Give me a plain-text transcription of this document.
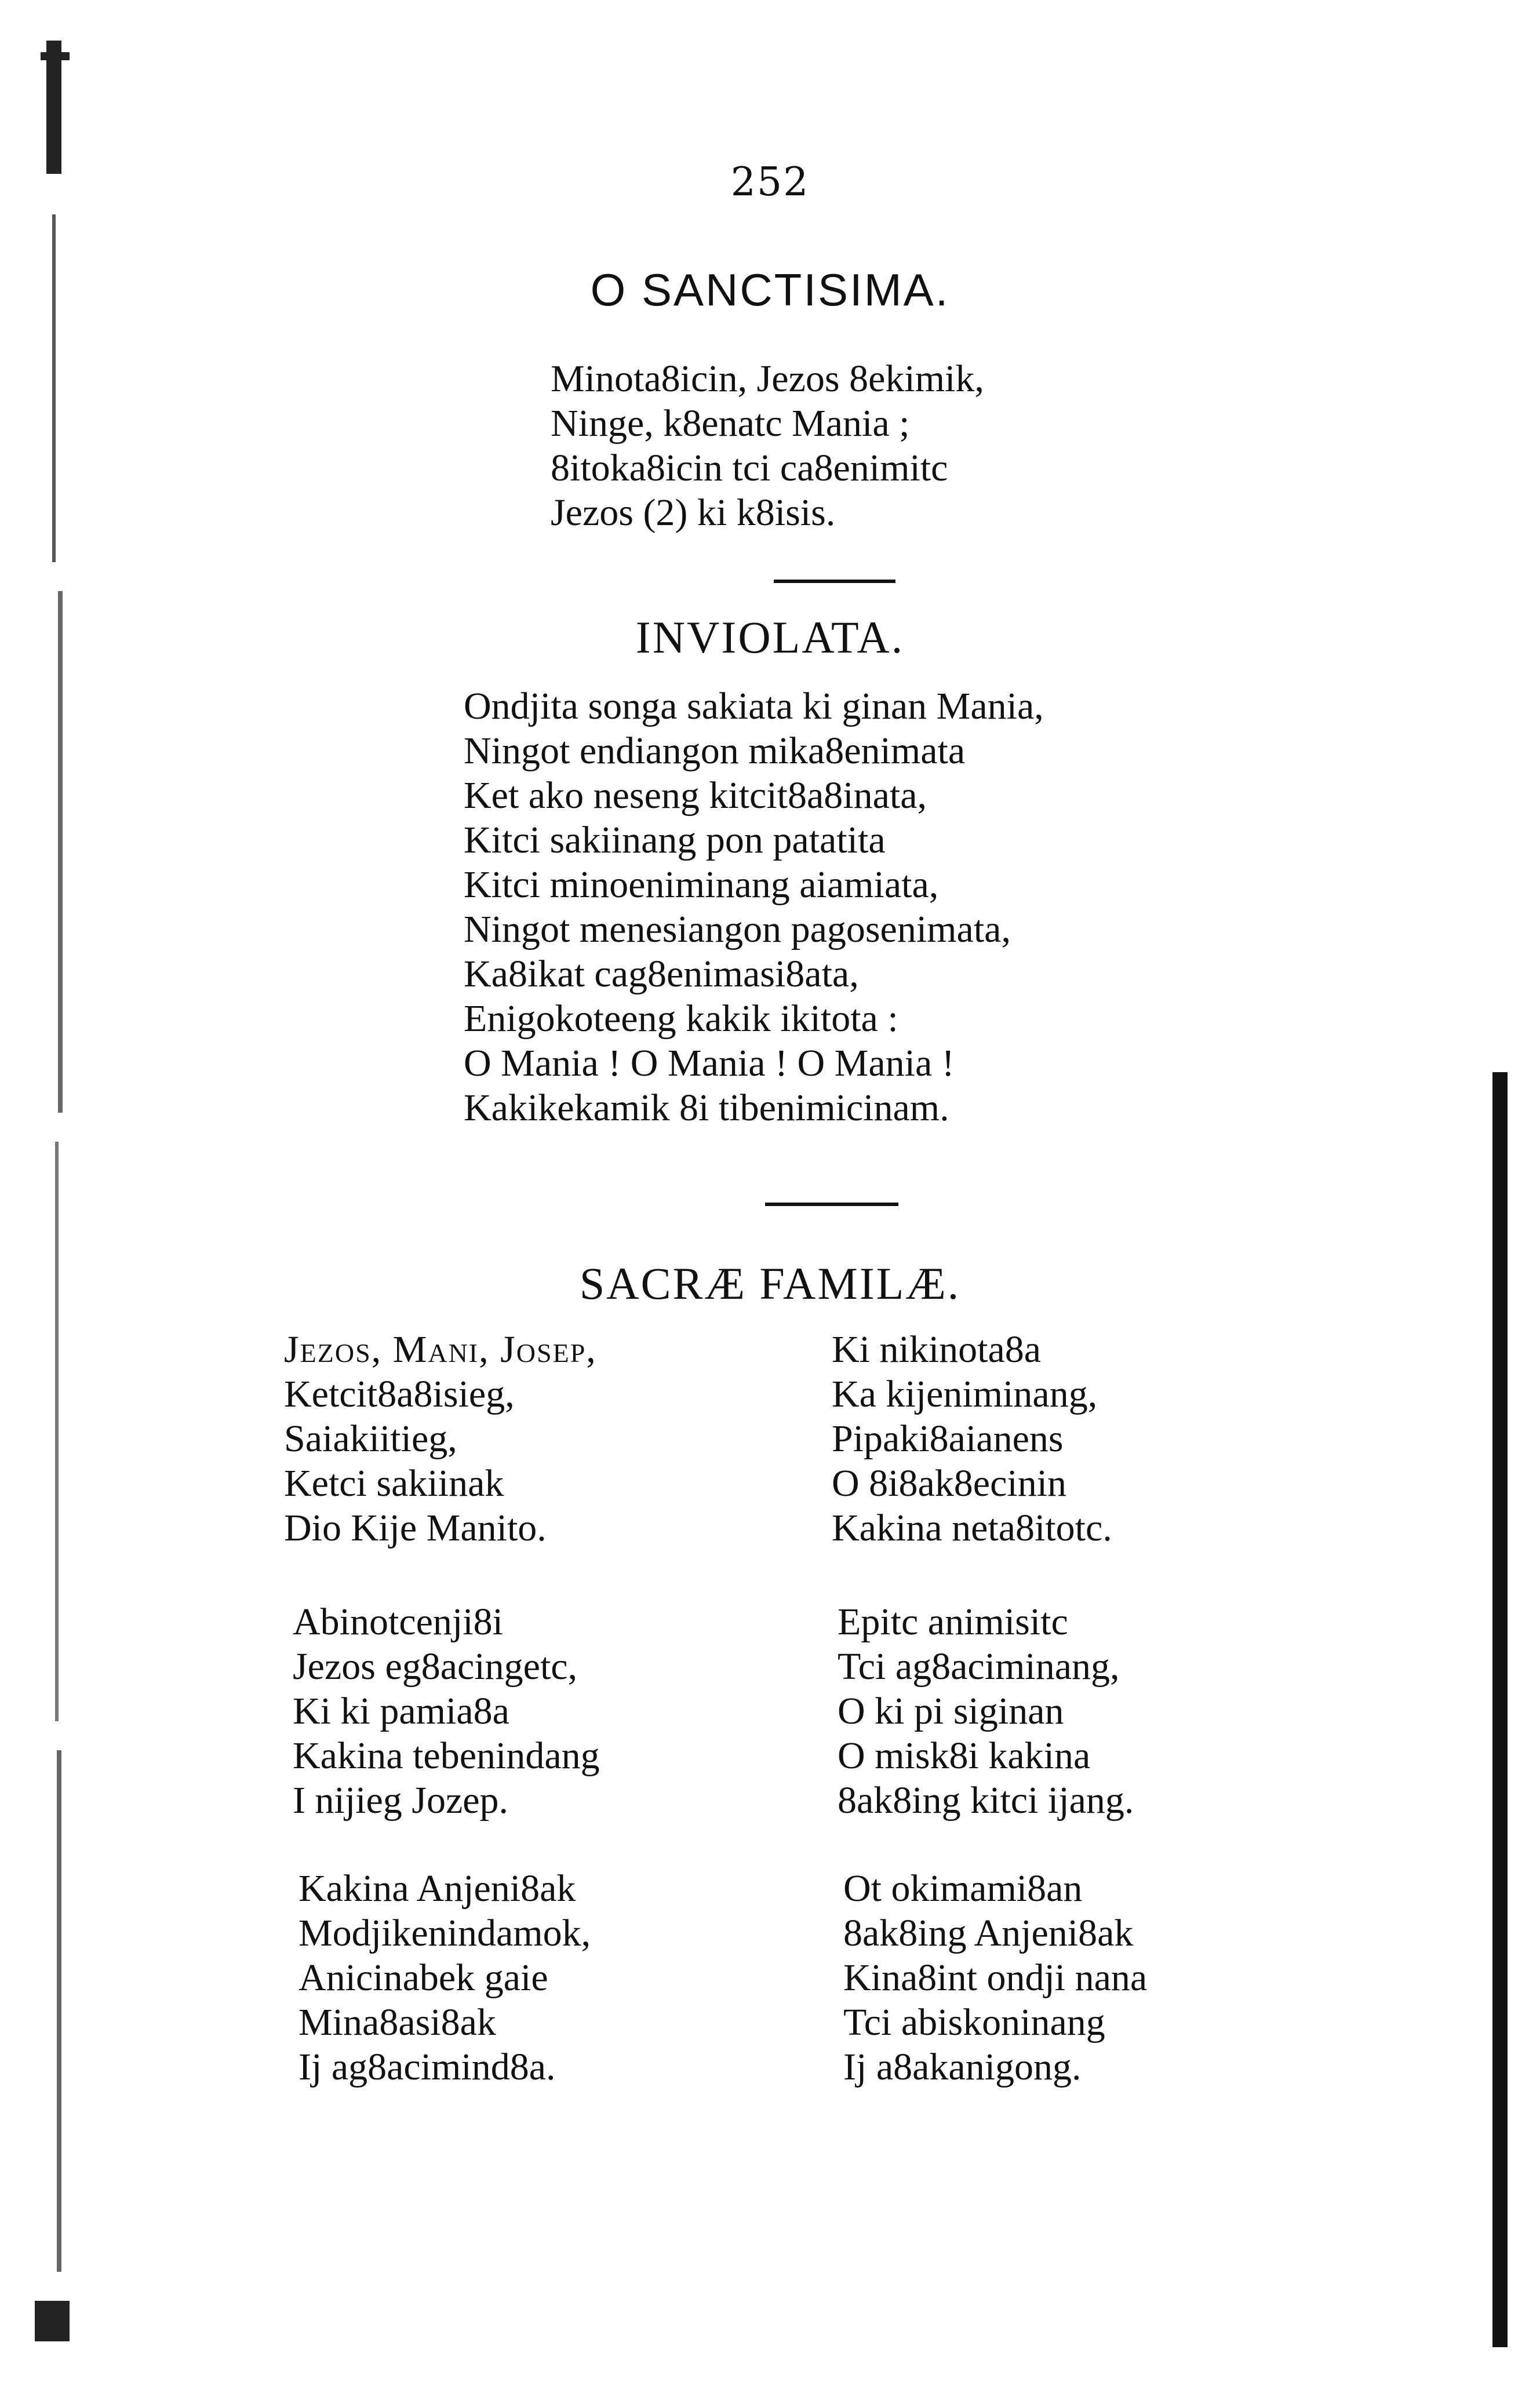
252
O SANCTISIMA.
Minota8icin, Jezos 8ekimik,
Ninge, k8enatc Mania ;
8itoka8icin tci ca8enimitc
Jezos (2) ki k8isis.
INVIOLATA.
Ondjita songa sakiata ki ginan Mania,
Ningot endiangon mika8enimata
Ket ako neseng kitcit8a8inata,
Kitci sakiinang pon patatita
Kitci minoeniminang aiamiata,
Ningot menesiangon pagosenimata,
Ka8ikat cag8enimasi8ata,
Enigokoteeng kakik ikitota :
O Mania ! O Mania ! O Mania !
Kakikekamik 8i tibenimicinam.
SACRÆ FAMILÆ.
Jezos, Mani, Josep,
Ketcit8a8isieg,
Saiakiitieg,
Ketci sakiinak
Dio Kije Manito.
Ki nikinota8a
Ka kijeniminang,
Pipaki8aianens
O 8i8ak8ecinin
Kakina neta8itotc.
Abinotcenji8i
Jezos eg8acingetc,
Ki ki pamia8a
Kakina tebenindang
I nijieg Jozep.
Epitc animisitc
Tci ag8aciminang,
O ki pi siginan
O misk8i kakina
8ak8ing kitci ijang.
Kakina Anjeni8ak
Modjikenindamok,
Anicinabek gaie
Mina8asi8ak
Ij ag8acimind8a.
Ot okimami8an
8ak8ing Anjeni8ak
Kina8int ondji nana
Tci abiskoninang
Ij a8akanigong.
